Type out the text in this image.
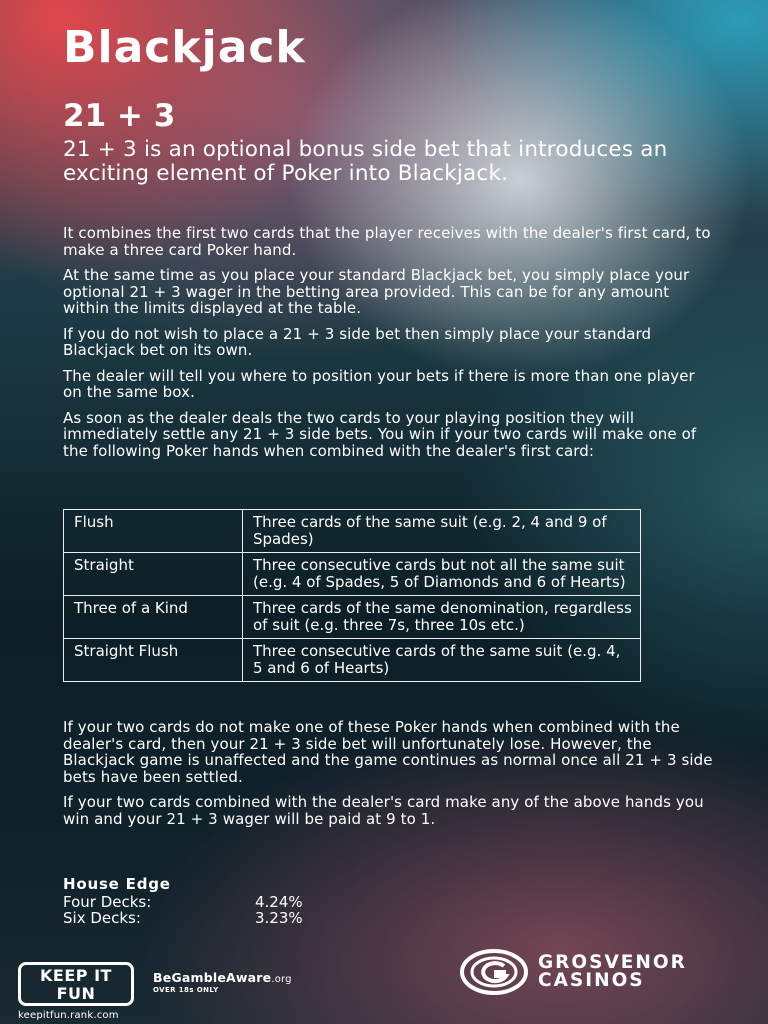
Blackjack
21 + 3

21 + 3 is an optional bonus side bet that introduces an exciting element of Poker into Blackjack.

It combines the first two cards that the player receives with the dealer's first card, to make a three card Poker hand.

At the same time as you place your standard Blackjack bet, you simply place your optional 21 + 3 wager in the betting area provided. This can be for any amount within the limits displayed at the table.

If you do not wish to place a 21 + 3 side bet then simply place your standard Blackjack bet on its own.

The dealer will tell you where to position your bets if there is more than one player on the same box.

As soon as the dealer deals the two cards to your playing position they will immediately settle any 21 + 3 side bets. You win if your two cards will make one of the following Poker hands when combined with the dealer's first card:

Flush	Three cards of the same suit (e.g. 2, 4 and 9 of Spades)
Straight	Three consecutive cards but not all the same suit (e.g. 4 of Spades, 5 of Diamonds and 6 of Hearts)
Three of a Kind	Three cards of the same denomination, regardless of suit (e.g. three 7s, three 10s etc.)
Straight Flush	Three consecutive cards of the same suit (e.g. 4, 5 and 6 of Hearts)

If your two cards do not make one of these Poker hands when combined with the dealer's card, then your 21 + 3 side bet will unfortunately lose. However, the Blackjack game is unaffected and the game continues as normal once all 21 + 3 side bets have been settled.

If your two cards combined with the dealer's card make any of the above hands you win and your 21 + 3 wager will be paid at 9 to 1.

House Edge
Four Decks:	4.24%
Six Decks:	3.23%
KEEP IT
FUN
keepitfun.rank.com
BeGambleAware.org
OVER 18s ONLY
GROSVENOR
CASINOS
